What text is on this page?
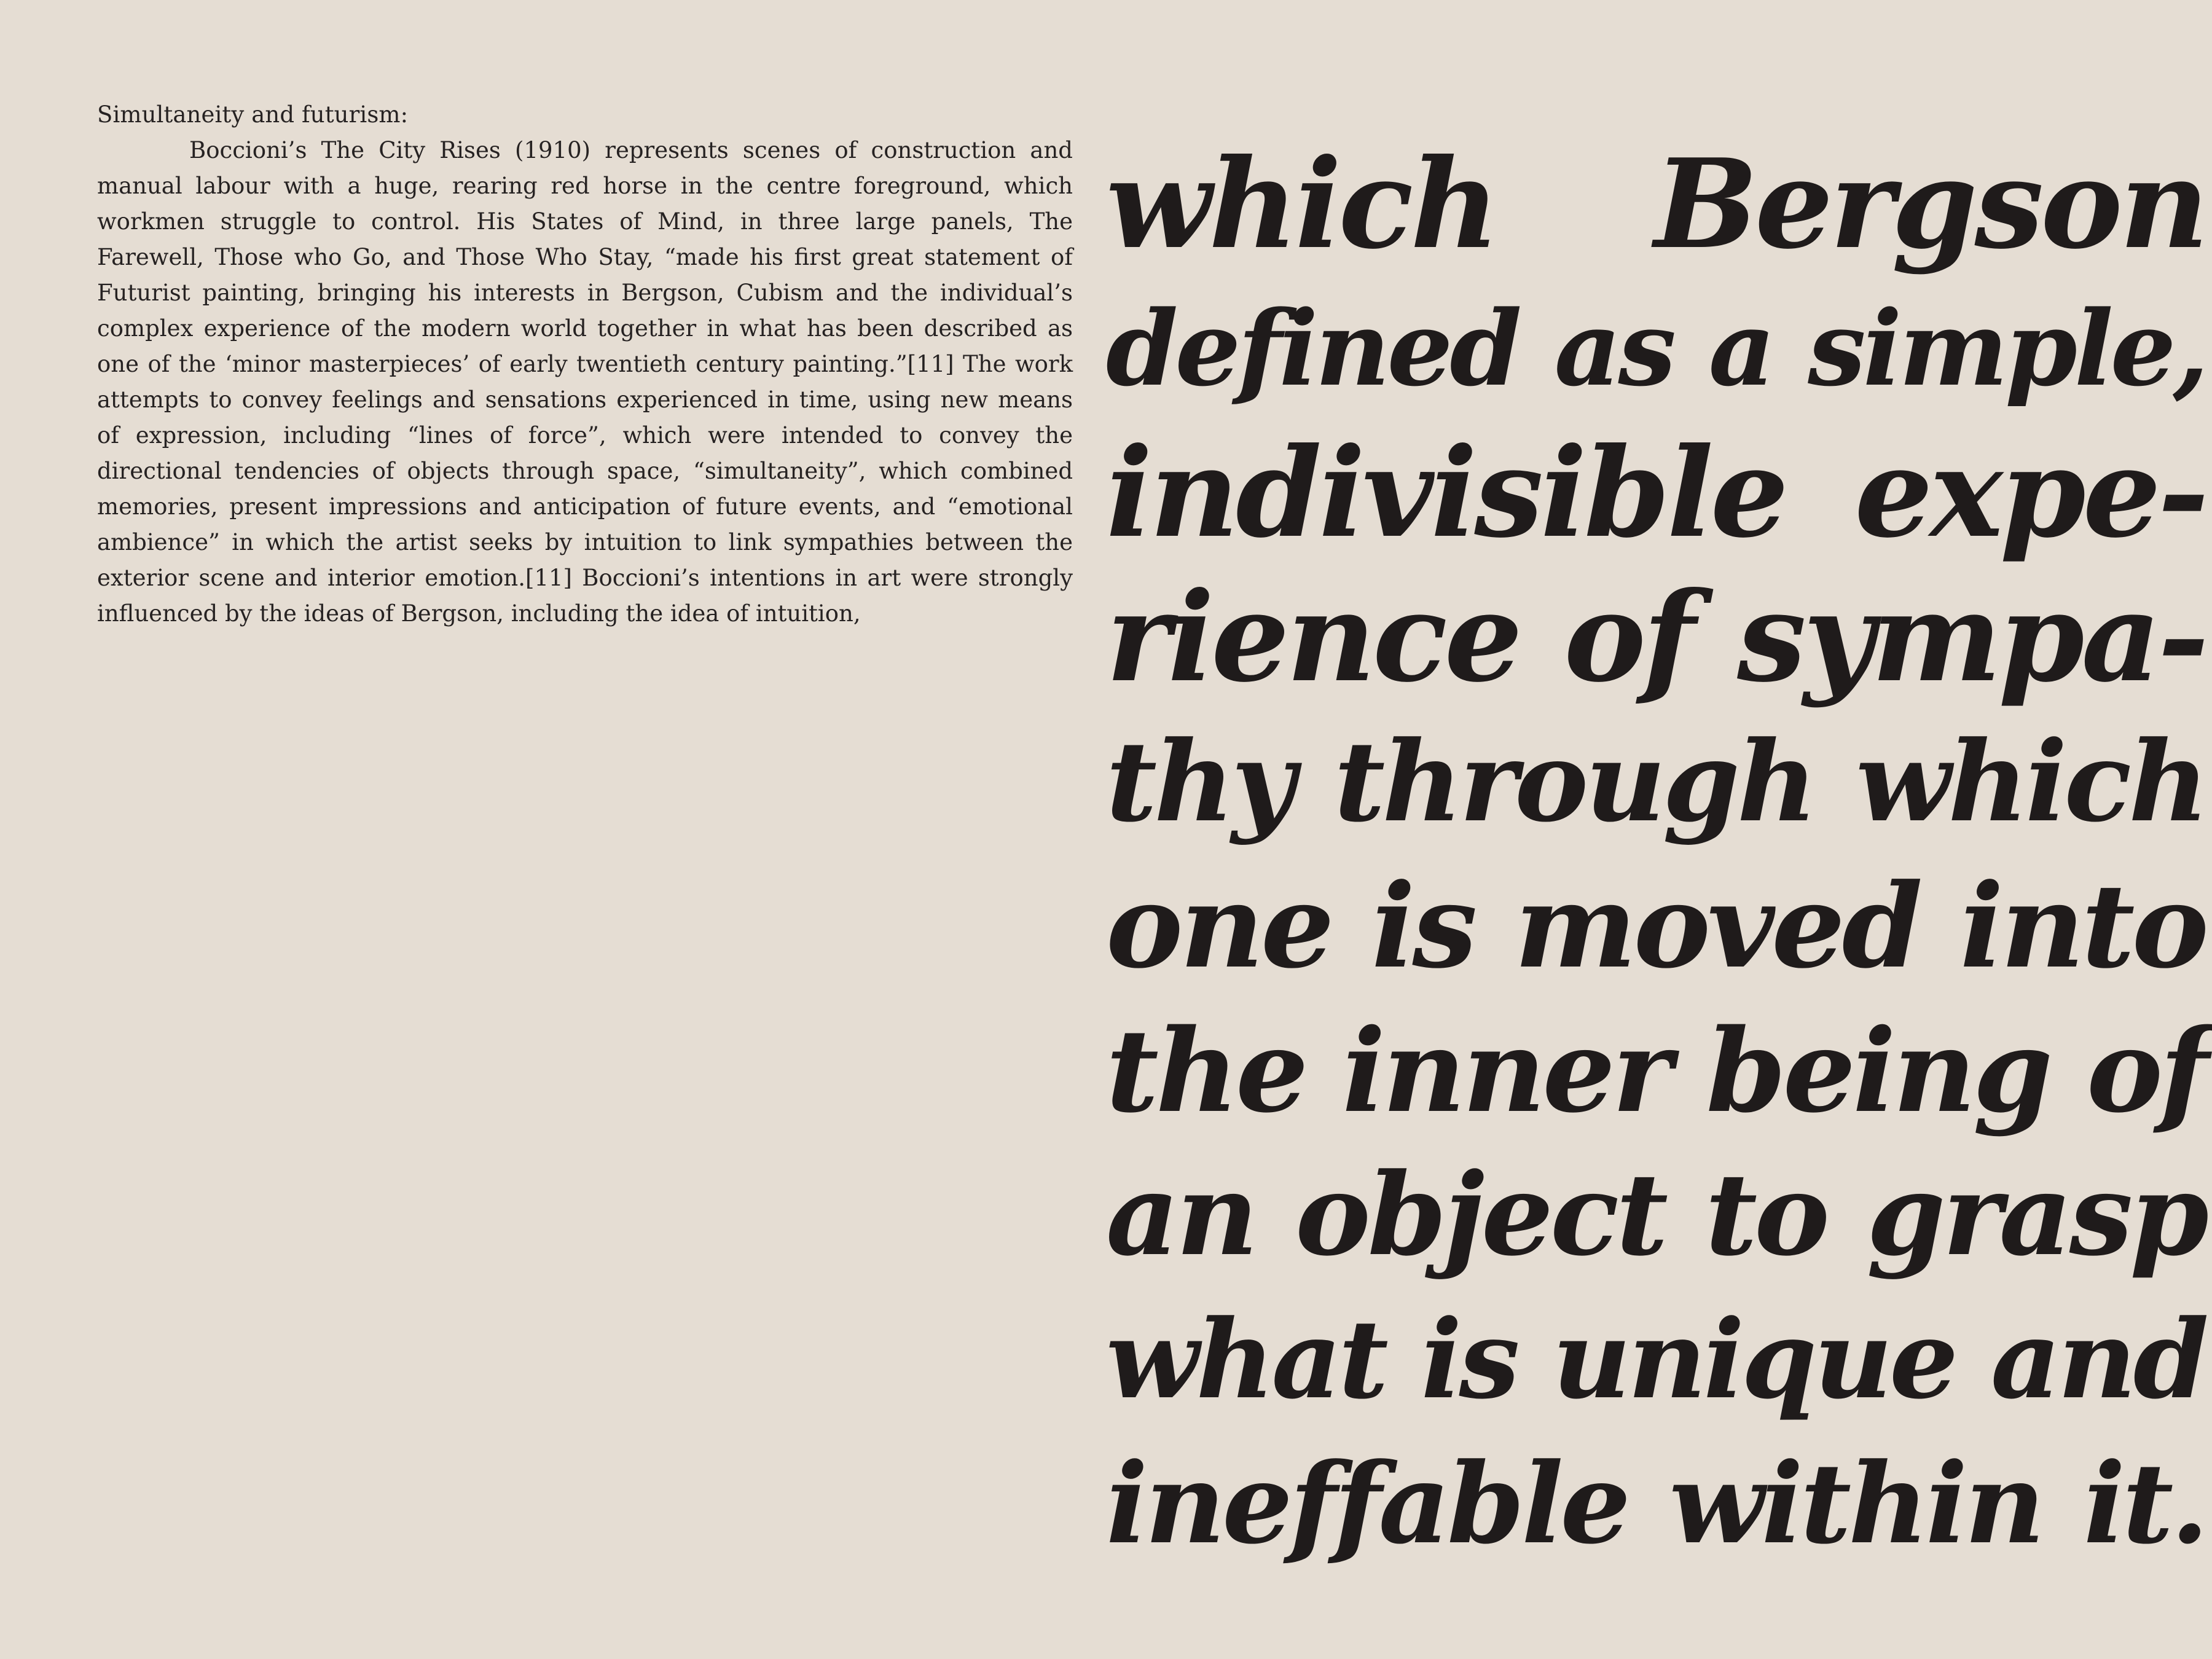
Simultaneity and futurism:

Boccioni’s The City Rises (1910) represents scenes of construction and manual labour with a huge, rearing red horse in the centre foreground, which workmen struggle to control. His States of Mind, in three large panels, The Farewell, Those who Go, and Those Who Stay, “made his first great statement of Futurist painting, bringing his interests in Bergson, Cubism and the individual’s complex experience of the modern world together in what has been described as one of the ‘minor masterpieces’ of early twentieth century painting.”[11] The work attempts to convey feelings and sensations experienced in time, using new means of expression, including “lines of force”, which were intended to convey the directional tendencies of objects through space, “simultaneity”, which combined memories, present impressions and anticipation of future events, and “emotional ambience” in which the artist seeks by intuition to link sympathies between the exterior scene and interior emotion.[11] Boccioni’s intentions in art were strongly influenced by the ideas of Bergson, including the idea of intuition,

which Bergson
defined as a simple,
indivisible expe-
rience of sympa-
thy through which
one is moved into
the inner being of
an object to grasp
what is unique and
ineffable within it.
